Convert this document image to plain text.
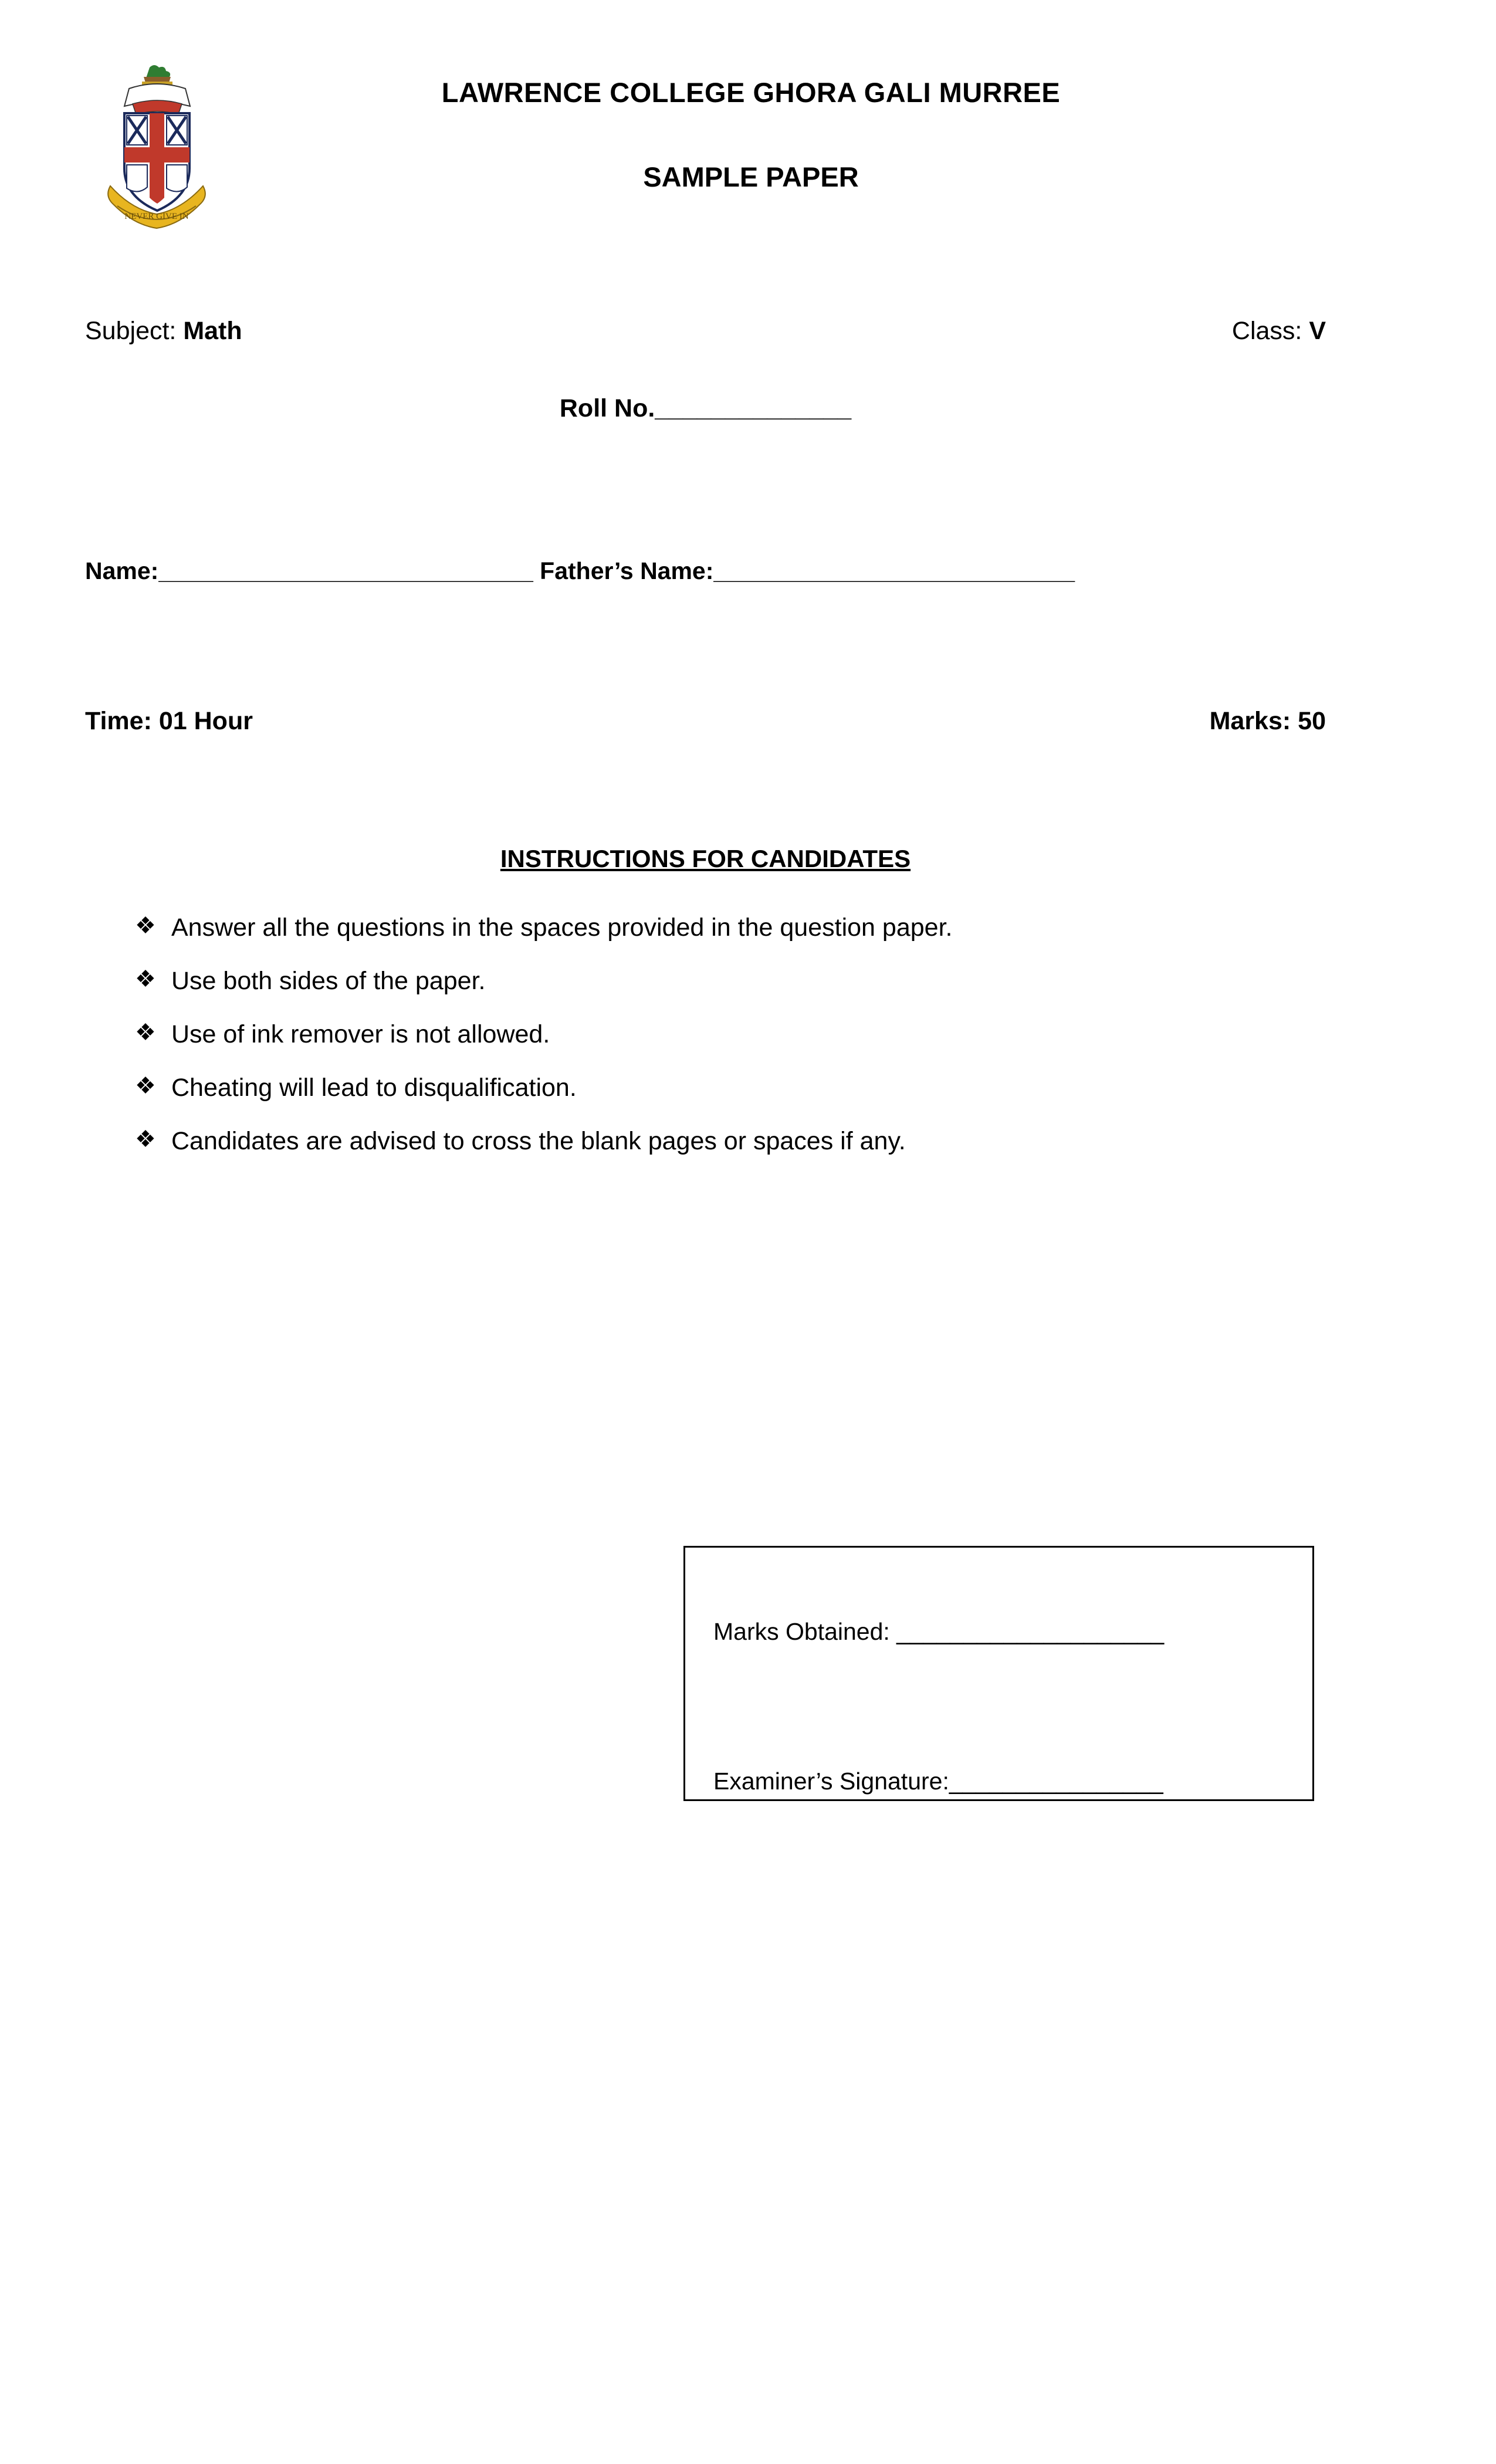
NEVER GIVE IN
LAWRENCE COLLEGE GHORA GALI MURREE
SAMPLE PAPER
Subject: Math	Class: V
Roll No.______________
Name:____________________________ Father’s Name:___________________________
Time: 01 Hour	Marks: 50
INSTRUCTIONS FOR CANDIDATES
❖ Answer all the questions in the spaces provided in the question paper.
❖ Use both sides of the paper.
❖ Use of ink remover is not allowed.
❖ Cheating will lead to disqualification.
❖ Candidates are advised to cross the blank pages or spaces if any.
Marks Obtained: ____________________
Examiner’s Signature:________________
